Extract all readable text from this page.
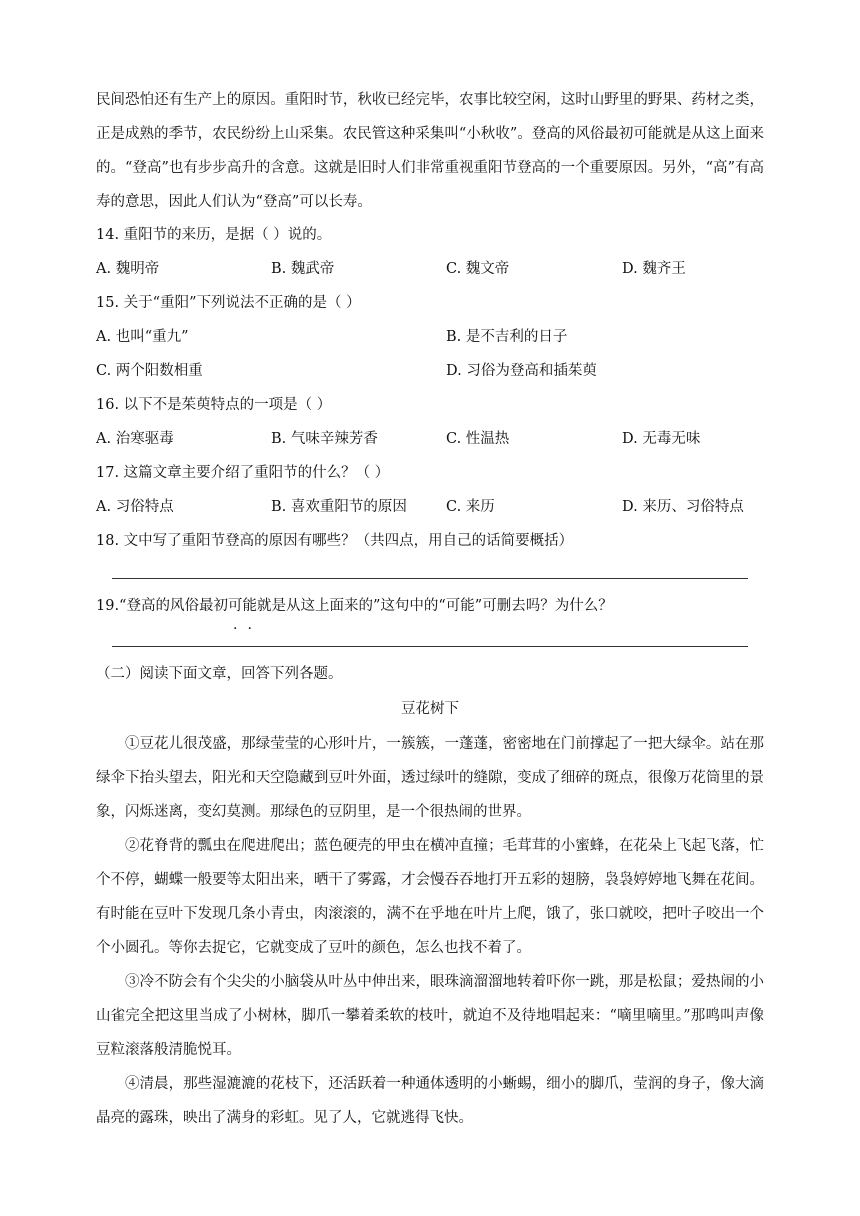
民间恐怕还有生产上的原因。重阳时节，秋收已经完毕，农事比较空闲，这时山野里的野果、药材之类，正是成熟的季节，农民纷纷上山采集。农民管这种采集叫“小秋收”。登高的风俗最初可能就是从这上面来的。“登高”也有步步高升的含意。这就是旧时人们非常重视重阳节登高的一个重要原因。另外，“高”有高寿的意思，因此人们认为“登高”可以长寿。
14. 重阳节的来历，是据（ ）说的。
A. 魏明帝	B. 魏武帝	C. 魏文帝	D. 魏齐王
15. 关于“重阳”下列说法不正确的是（ ）
A. 也叫“重九”	B. 是不吉利的日子
C. 两个阳数相重	D. 习俗为登高和插茱萸
16. 以下不是茱萸特点的一项是（ ）
A. 治寒驱毒	B. 气味辛辣芳香	C. 性温热	D. 无毒无味
17. 这篇文章主要介绍了重阳节的什么？（ ）
A. 习俗特点	B. 喜欢重阳节的原因	C. 来历	D. 来历、习俗特点
18. 文中写了重阳节登高的原因有哪些？（共四点，用自己的话简要概括）
19.“登高的风俗最初可能就是从这上面来的”这句中的“可能”可删去吗？为什么？
（二）阅读下面文章，回答下列各题。
豆花树下
①豆花儿很茂盛，那绿莹莹的心形叶片，一簇簇，一蓬蓬，密密地在门前撑起了一把大绿伞。站在那绿伞下抬头望去，阳光和天空隐藏到豆叶外面，透过绿叶的缝隙，变成了细碎的斑点，很像万花筒里的景象，闪烁迷离，变幻莫测。那绿色的豆阴里，是一个很热闹的世界。
②花脊背的瓢虫在爬进爬出；蓝色硬壳的甲虫在横冲直撞；毛茸茸的小蜜蜂，在花朵上飞起飞落，忙个不停，蝴蝶一般要等太阳出来，晒干了雾露，才会慢吞吞地打开五彩的翅膀，袅袅婷婷地飞舞在花间。有时能在豆叶下发现几条小青虫，肉滚滚的，满不在乎地在叶片上爬，饿了，张口就咬，把叶子咬出一个个小圆孔。等你去捉它，它就变成了豆叶的颜色，怎么也找不着了。
③冷不防会有个尖尖的小脑袋从叶丛中伸出来，眼珠滴溜溜地转着吓你一跳，那是松鼠；爱热闹的小山雀完全把这里当成了小树林，脚爪一攀着柔软的枝叶，就迫不及待地唱起来：“嘀里嘀里。”那鸣叫声像豆粒滚落般清脆悦耳。
④清晨，那些湿漉漉的花枝下，还活跃着一种通体透明的小蜥蜴，细小的脚爪，莹润的身子，像大滴晶亮的露珠，映出了满身的彩虹。见了人，它就逃得飞快。
